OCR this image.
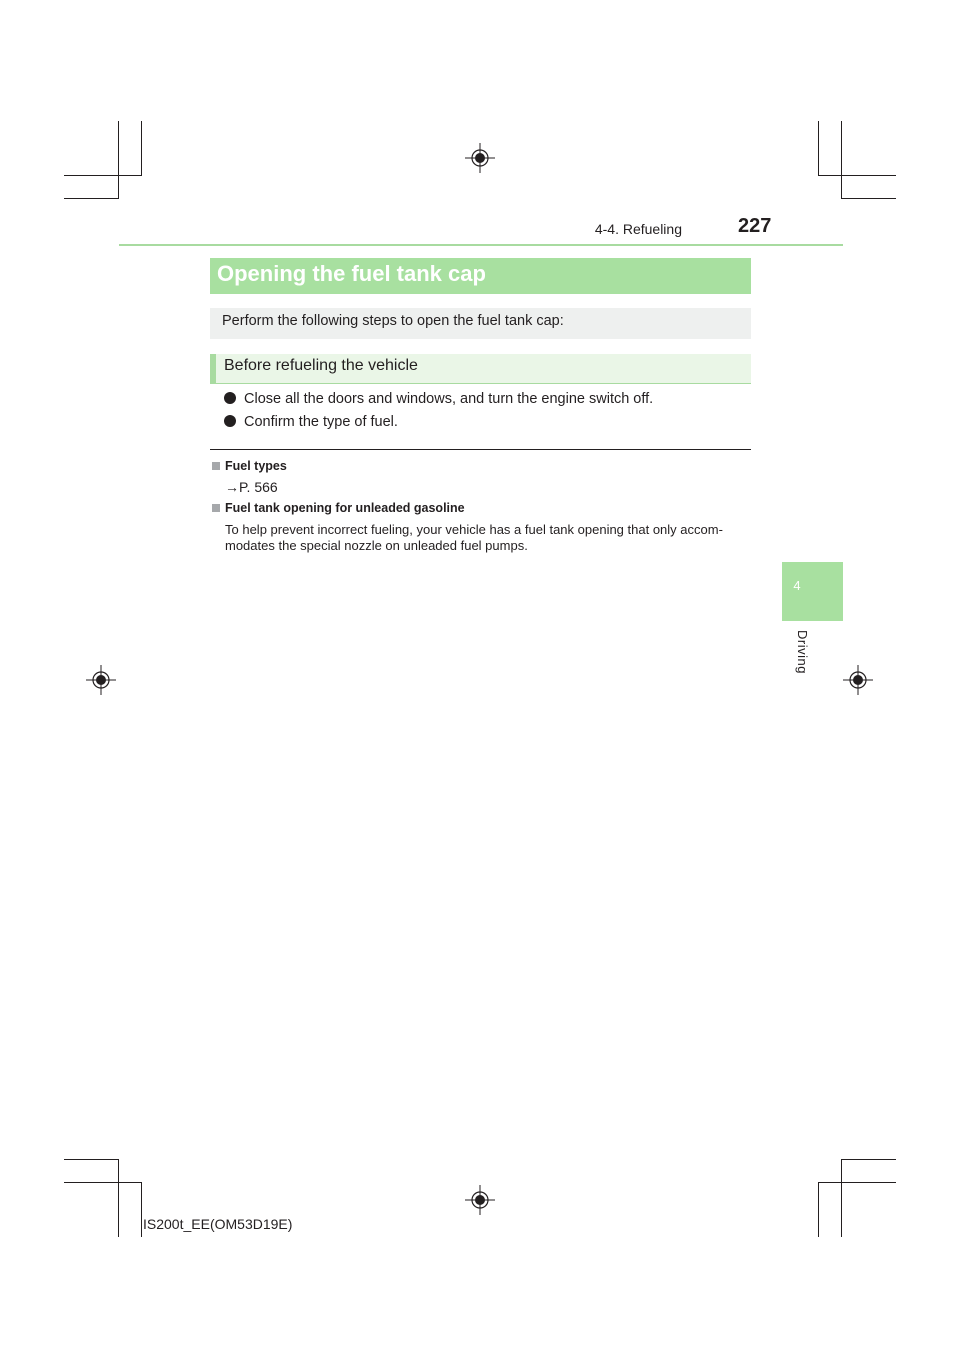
4-4. Refueling	227
Opening the fuel tank cap
Perform the following steps to open the fuel tank cap:
Before refueling the vehicle
Close all the doors and windows, and turn the engine switch off.
Confirm the type of fuel.
Fuel types
→P. 566
Fuel tank opening for unleaded gasoline
To help prevent incorrect fueling, your vehicle has a fuel tank opening that only accom- modates the special nozzle on unleaded fuel pumps.
4
Driving
IS200t_EE(OM53D19E)
